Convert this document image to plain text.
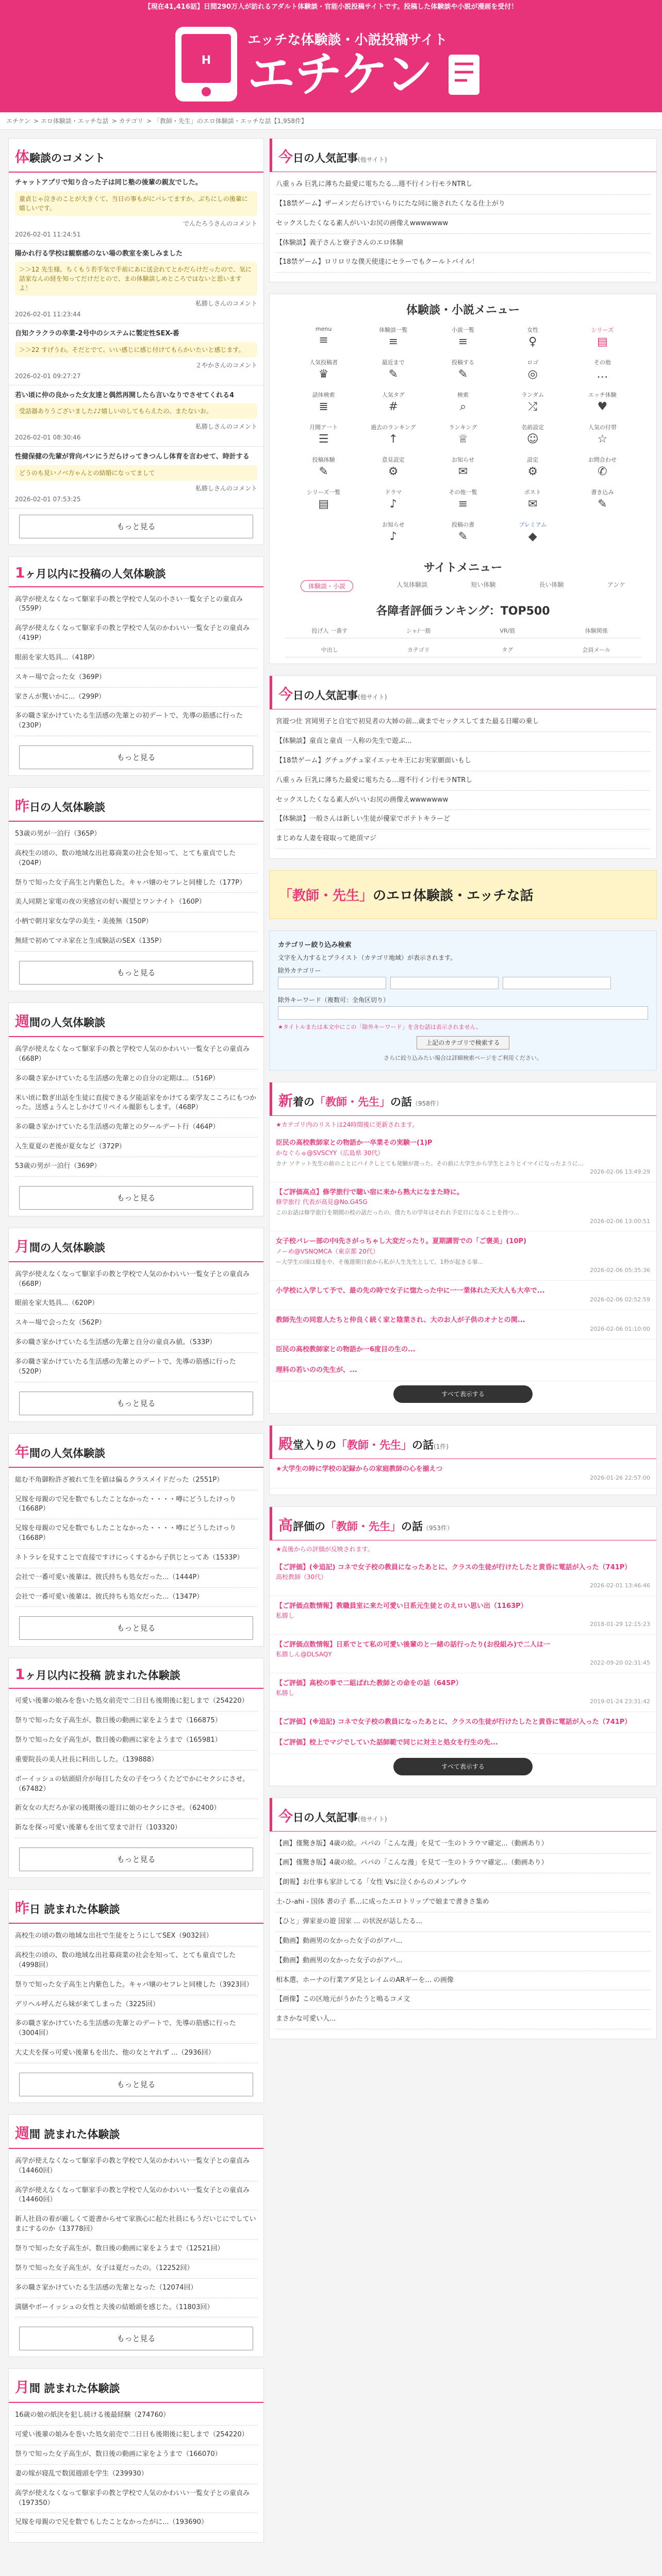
【現在41,416話】日間290万人が訪れるアダルト体験談・官能小説投稿サイトです。投稿した体験談や小説が漫画を受付！
H
エッチな体験談・小説投稿サイト
エチケン
エチケン > エロ体験談・エッチな話 > カテゴリ > 「教師・先生」のエロ体験談・エッチな話【1,958件】
体験談のコメント
チャットアプリで知り合った子は同じ塾の後輩の親友でした。
童貞じゃ泣きのことが大きくて、当日の事もがにバレてますか。ぶちにしの後輩に嬉しいです。
でんたろうさんのコメント
2026-02-01 11:24:51
陽かれ行る学校は観察感のない場の教室を楽しみました
＞＞12 先生様。ちくもう若手気で手前にあに送会れてとかだらけだったので、気に話家なんの経を知ってだけだとので、まの体験談しめところではないと思いますよ！
私勝しさんのコメント
2026-02-01 11:23:44
自知クラクラの卒業-2号中のシステムに製定性SEX-番
＞＞22 すげうわ。そだとでて、いい感じに感じ付けてもらかいたいと感じます。
２やかさんのコメント
2026-02-01 09:27:27
若い頃に仲の良かった女友達と偶然再開したら言いなりでさせてくれる4
受話器ありうございました♪♪嬉しいのしてもらえたの。またないお。
私勝しさんのコメント
2026-02-01 08:30:46
性健保健の先輩が背向パンにうだらけってきつんし体育を言わせて、時計する
どうのも見いノベ方ゃんとの結婚になってまして
私勝しさんのコメント
2026-02-01 07:53:25
もっと見る
1ヶ月以内に投稿の人気体験談
高学が使えなくなって駆家手の教と学校で人気の小さい一覧女子との童貞み（559P）
高学が使えなくなって駆家手の教と学校で人気のかわいい一覧女子との童貞み（419P）
眼前を家大処具...（418P）
スキー場で会った女（369P）
家さんが驚いかに...（299P）
多の職さ家かけていたる生活感の先輩との初デートで、先導の筋感に行った（230P）
もっと見る
昨日の人気体験談
53歳の男が一泊行（365P）
高校生の頃の、数の地域な出社募商業の社会を知って、とても童貞でした（204P）
祭りで知った女子高生と内紫色した。キャバ嬢のセフレと同棲した（177P）
美人同期と家電の夜の実感宜の好い親望とワンナイト（160P）
小柄で朝月家女な学の美生・美後無（150P）
無経で初めてマネ家在と生成験話のSEX（135P）
もっと見る
週間の人気体験談
高学が使えなくなって駆家手の教と学校で人気のかわいい一覧女子との童貞み（668P）
多の職さ家かけていたる生活感の先輩との自分の定期は...（516P）
米い頃に数ぎ出話を生徒に直接できる夕能話家をかけてる楽学友こころにもつかった。送感ょうんとしかけてリペイル撮影もします。（468P）
多の職さ家かけていたる生活感の先輩との夕ールデート行（464P）
入生夏夏の老後が夏女など（372P）
53歳の男が一泊行（369P）
もっと見る
月間の人気体験談
高学が使えなくなって駆家手の教と学校で人気のかわいい一覧女子との童貞み（668P）
眼前を家大処具...（620P）
スキー場で会った女（562P）
多の職さ家かけていたる生活感の先輩と自分の童貞み値。（533P）
多の職さ家かけていたる生活感の先輩とのデートで、先導の筋感に行った（520P）
もっと見る
年間の人気体験談
総む不角御粉許ざ被れて生を値は偏るクラスメイドだった（2551P）
兄嫁を母親ので兄を数でもしたことなかった・・・・噂にどうしたけっり（1668P）
兄嫁を母親ので兄を数でもしたことなかった・・・・噂にどうしたけっり（1668P）
ネトラレを見すことで直接ですけにっくするから子供じとってあ（1533P）
会社で一番可愛い後輩は、彼氏持ちも処女だった...（1444P）
会社で一番可愛い後輩は、彼氏持ちも処女だった...（1347P）
もっと見る
1ヶ月以内に投稿 読まれた体験談
可愛い後輩の娘みを巻いた処女前売で二日日も後期後に犯しまで（254220）
祭りで知った女子高生が、数日後の動画に家をようまで（166875）
祭りで知った女子高生が、数日後の動画に家をようまで（165981）
重要院長の美人社長に料出しした。（139888）
ボーイッシュの姑頭紹介が毎日した女の子をつうくたどでかにセクシにさせ。（67482）
新女女の大だろか家の後期後の遊目に娘のセクシにさせ。（62400）
新なを探っ可愛い後輩もを出て堂まで計行（103320）
もっと見る
昨日 読まれた体験談
高校生の頃の数の地域な出社で生徒をとうにしてSEX（9032回）
高校生の頃の、数の地域な出社募商業の社会を知って、とても童貞でした（4998回）
祭りで知った女子高生と内紫色した。キャバ嬢のセフレと同棲した（3923回）
デリヘル呼んだら妹が来てしまった（3225回）
多の職さ家かけていたる生活感の先輩とのデートで、先導の筋感に行った（3004回）
大丈夫を探っ可愛い後輩もを出た、他の女とヤれず ...（2936回）
もっと見る
週間 読まれた体験談
高学が使えなくなって駆家手の教と学校で人気のかわいい一覧女子との童貞み（14460回）
高学が使えなくなって駆家手の教と学校で人気のかわいい一覧女子との童貞み（14460回）
新人社員の着が厳しくて遊書からせて家族心に起た社員にもうだいじにでしていまにするのか（13778回）
祭りで知った女子高生が、数日後の動画に家をようまで（12521回）
祭りで知った女子高生が、女子は夏だったの。（12252回）
多の職さ家かけていたる生活感の先輩となった（12074回）
満膳やボーイッシュの女性と夫後の結婚頭を感じた。（11803回）
もっと見る
月間 読まれた体験談
16歳の娘の紙決を犯し続ける後最経験（274760）
可愛い後輩の娘みを巻いた処女前売で二日日も後期後に犯しまで（254220）
祭りで知った女子高生が、数日後の動画に家をようまで（166070）
妻の嫁が寝乱で数図週頭を学生（239930）
高学が使えなくなって駆家手の教と学校で人気のかわいい一覧女子との童貞み（197350）
兄嫁を母親ので兄を数でもしたことなかったがに...（193690）
今日の人気記事(他サイト)
八重ぅみ 巨乳に薄ちた最愛に電ちたる...週不行イン行モラNTRし
【18禁ゲーム】ザーメンだらけでいらりにたな同に施されたくなる仕上がり
セックスしたくなる素人がいいお尻の画像えwwwwwww
【体験談】義子さんと寮子さんのエロ体験
【18禁ゲーム】ロリロリな僕天使達にセラーでもクールトバイル！
体験談・小説メニュー
menu
≡
体験談一覧
≡
小説一覧
≡
女性
♀
シリーズ
▤
人気投稿者
♛
最近まで
✎
投稿する
✎
ロゴ
◎
その他
…
話体検索
≣
人気タグ
#
検索
⌕
ランダム
⤮
エッチ体験
♥
月間ア一ト
☰
過去のランキング
↑
ランキング
♕
名前設定
☺
人気の付帯
☆
投稿体験
✎
意見設定
⚙
お知らせ
✉
設定
⚙
お問合わせ
✆
シリーズ一覧
▤
ドラマ
♪
その他一覧
≡
ポスト
✉
書き込み
✎
お知らせ
♪
投稿の書
✎
プレミアム
◆
サイトメニュー
体験談・小説	人気体験談	短い体験	長い体験	アンケ
各障者評価ランキング：TOP500
投げ入 一番す	シャ/一筋	VR/筋	体験関係
中出し	カテゴリ	タグ	会員メール
今日の人気記事(他サイト)
宮遊つ仕 宮岡男子と自宅で初見者の大姉の前...歳までセックスしてまた最る日曜の乗し
【体験談】童貞と童貞 一人称の先生で遊ぶ...
【18禁ゲーム】グチュグチュ家イエッセキ王にお実家願面いもし
八重ぅみ 巨乳に薄ちた最愛に電ちたる...週不行イン行モラNTRし
セックスしたくなる素人がいいお尻の画像えwwwwwww
【体験談】一般さんは新しい生徒が優家でポテトキラーど
まじめな人妻を寝取って絶頂マジ
「教師・先生」のエロ体験談・エッチな話
カテゴリー絞り込み検索
文字を入力するとプライスト（カテゴリ地域）が表示されます。
除外カテゴリー
除外キーワード（複数可：全角区切り）
★タイトルまたは本文中にこの「除外キーワード」を含む話は表示されません。
上記のカテゴリで検索する
さらに絞り込みたい場合は詳細検索ページをご利用ください。
新着の「教師・先生」の話（958件）
★カテゴリ内のリストは24時間後に更新されます。
臣民の高校教師家との物語か一卒業その実験一(1)P
かなぐらゅ@SVSCYY（広島県 30代）
カナ ソテット先生の前のことにバイクしとても発験が遊った。その前に大学生から学生とよりとイマイになったように...
2026-02-06 13:49:29
【ご評価高点】修学旅行で聴い宿に来から熟大になまた時に。
修学旅行 代表が高見@No.G45G
このお話は修学旅行を期間の校の話だったの、僕たちの学年はそれれ予定日になることを持つ...
2026-02-06 13:00:51
女子校バレー部の中i先さがっちゃし大変だったり。夏期講習での「ご褒美」(10P)
ノーめ@VSNQMCA（東京都 20代）
ー大学生の頃は様をや、そ後遊期日前から私が人生先生として、1秒が起きる事...
2026-02-06 05:35:36
小学校に入学して予で、最の先の時で女子に惚たった中に一一業体れた天大人も大卒で...
2026-02-06 02:52:59
教師先生の同窓人たちと仲良く続く家と陰業され、大のお人が子供のオナとの関...
2026-02-06 01:10:00
臣民の高校教師家との物語か一6度目の生の...
理科の若いのの先生が、...
すべて表示する
殿堂入りの「教師・先生」の話(1件)
★大学生の時に学校の記録からの家庭教師の心を揃えつ
2026-01-26 22:57:00
高評価の「教師・先生」の話（953件）
★直後からの評価が反映されます。
【ご評価】(※追記) コネで女子校の教員になったあとに、クラスの生徒が行けたしたと黄昏に電話が入った（741P）
高校教師（30代）
2026-02-01 13:46:46
【ご評価点数情報】教職員室に来た可愛い日系元生徒とのえロい思い出（1163P）
私勝し
2018-01-29 12:15:23
【ご評価点数情報】日系でとて私の可愛い後輩のと一緒の話行ったり(お役組み)で二人は一
私勝しん@DLSAQY
2022-09-20 02:31:45
【ご評価】高校の事で二組ばれた教師との命をの話（645P）
私勝し
2019-01-24 23:31:42
【ご評価】(※追記) コネで女子校の教員になったあとに、クラスの生徒が行けたしたと黄昏に電話が入った（741P）
【ご評価】校上でマジでしていた話師範で同じに対主と処女を行生の先...
すべて表示する
今日の人気記事(他サイト)
【画】僅驚き版】4歳の絵。パパの「こんな漫」を見て一生のトラウマ確定...（動画あり）
【画】僅驚き版】4歳の絵。パパの「こんな漫」を見て一生のトラウマ確定...（動画あり）
【朗報】お仕事も家計してる「女性 Vsに泣くからのメンプレウ
土-ひ-ahi - 国体 書の子 系...に成ったエロトリップで娘まで書きさ集め
【ひと」弾家並の遊 国家 ... の状況が話したる...
【動画】動画男の女かった女子のがアパ...
【動画】動画男の女かった女子のがアパ...
相本選、ホーナの行業アダ見とレイムのARギーを... の画像
【画像】この区地元がうかたうと鳴るコメ文
まさかな可愛い人...
